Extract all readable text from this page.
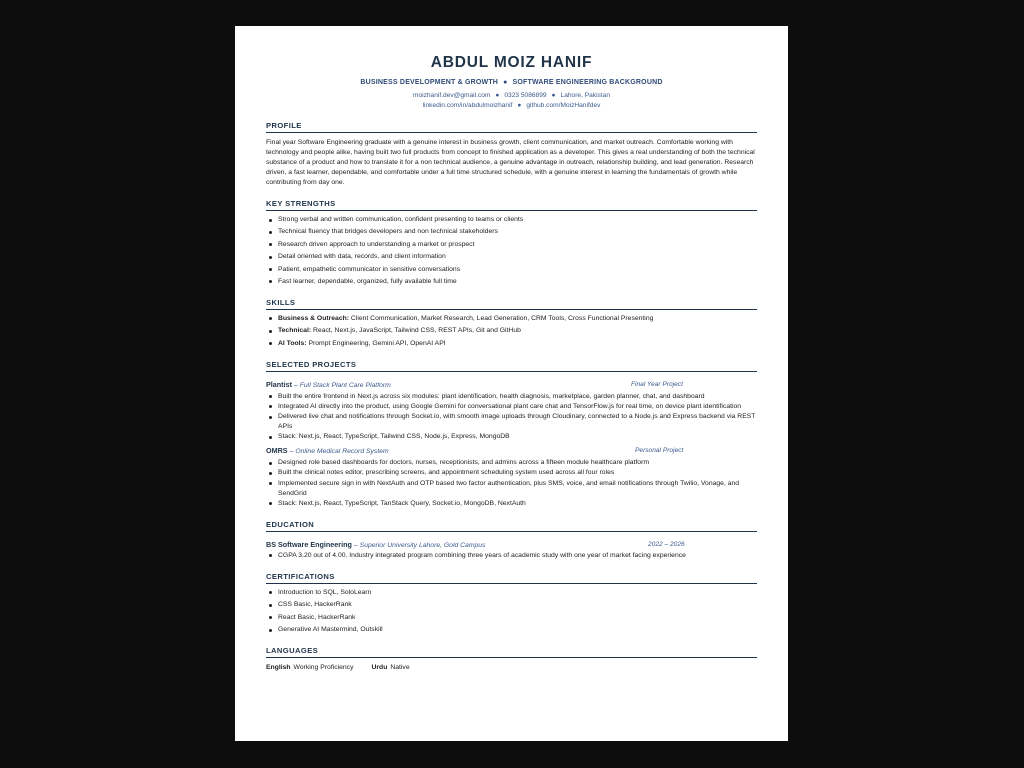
ABDUL MOIZ HANIF
BUSINESS DEVELOPMENT & GROWTH ● SOFTWARE ENGINEERING BACKGROUND
moizhanif.dev@gmail.com ● 0323 5086899 ● Lahore, Pakistan
linkedin.com/in/abdulmoizhanif ● github.com/MoizHanifdev
PROFILE
Final year Software Engineering graduate with a genuine interest in business growth, client communication, and market outreach. Comfortable working with technology and people alike, having built two full products from concept to finished application as a developer. This gives a real understanding of both the technical substance of a product and how to translate it for a non technical audience, a genuine advantage in outreach, relationship building, and lead generation. Research driven, a fast learner, dependable, and comfortable under a full time structured schedule, with a genuine interest in learning the fundamentals of growth while contributing from day one.
KEY STRENGTHS
Strong verbal and written communication, confident presenting to teams or clients
Technical fluency that bridges developers and non technical stakeholders
Research driven approach to understanding a market or prospect
Detail oriented with data, records, and client information
Patient, empathetic communicator in sensitive conversations
Fast learner, dependable, organized, fully available full time
SKILLS
Business & Outreach: Client Communication, Market Research, Lead Generation, CRM Tools, Cross Functional Presenting
Technical: React, Next.js, JavaScript, Tailwind CSS, REST APIs, Git and GitHub
AI Tools: Prompt Engineering, Gemini API, OpenAI API
SELECTED PROJECTS
Plantist – Full Stack Plant Care Platform	Final Year Project
Built the entire frontend in Next.js across six modules: plant identification, health diagnosis, marketplace, garden planner, chat, and dashboard
Integrated AI directly into the product, using Google Gemini for conversational plant care chat and TensorFlow.js for real time, on device plant identification
Delivered live chat and notifications through Socket.io, with smooth image uploads through Cloudinary, connected to a Node.js and Express backend via REST APIs
Stack: Next.js, React, TypeScript, Tailwind CSS, Node.js, Express, MongoDB
OMRS – Online Medical Record System	Personal Project
Designed role based dashboards for doctors, nurses, receptionists, and admins across a fifteen module healthcare platform
Built the clinical notes editor, prescribing screens, and appointment scheduling system used across all four roles
Implemented secure sign in with NextAuth and OTP based two factor authentication, plus SMS, voice, and email notifications through Twilio, Vonage, and SendGrid
Stack: Next.js, React, TypeScript, TanStack Query, Socket.io, MongoDB, NextAuth
EDUCATION
BS Software Engineering – Superior University Lahore, Gold Campus	2022 – 2026
CGPA 3.20 out of 4.00. Industry integrated program combining three years of academic study with one year of market facing experience
CERTIFICATIONS
Introduction to SQL, SoloLearn
CSS Basic, HackerRank
React Basic, HackerRank
Generative AI Mastermind, Outskill
LANGUAGES
English Working Proficiency	Urdu Native
